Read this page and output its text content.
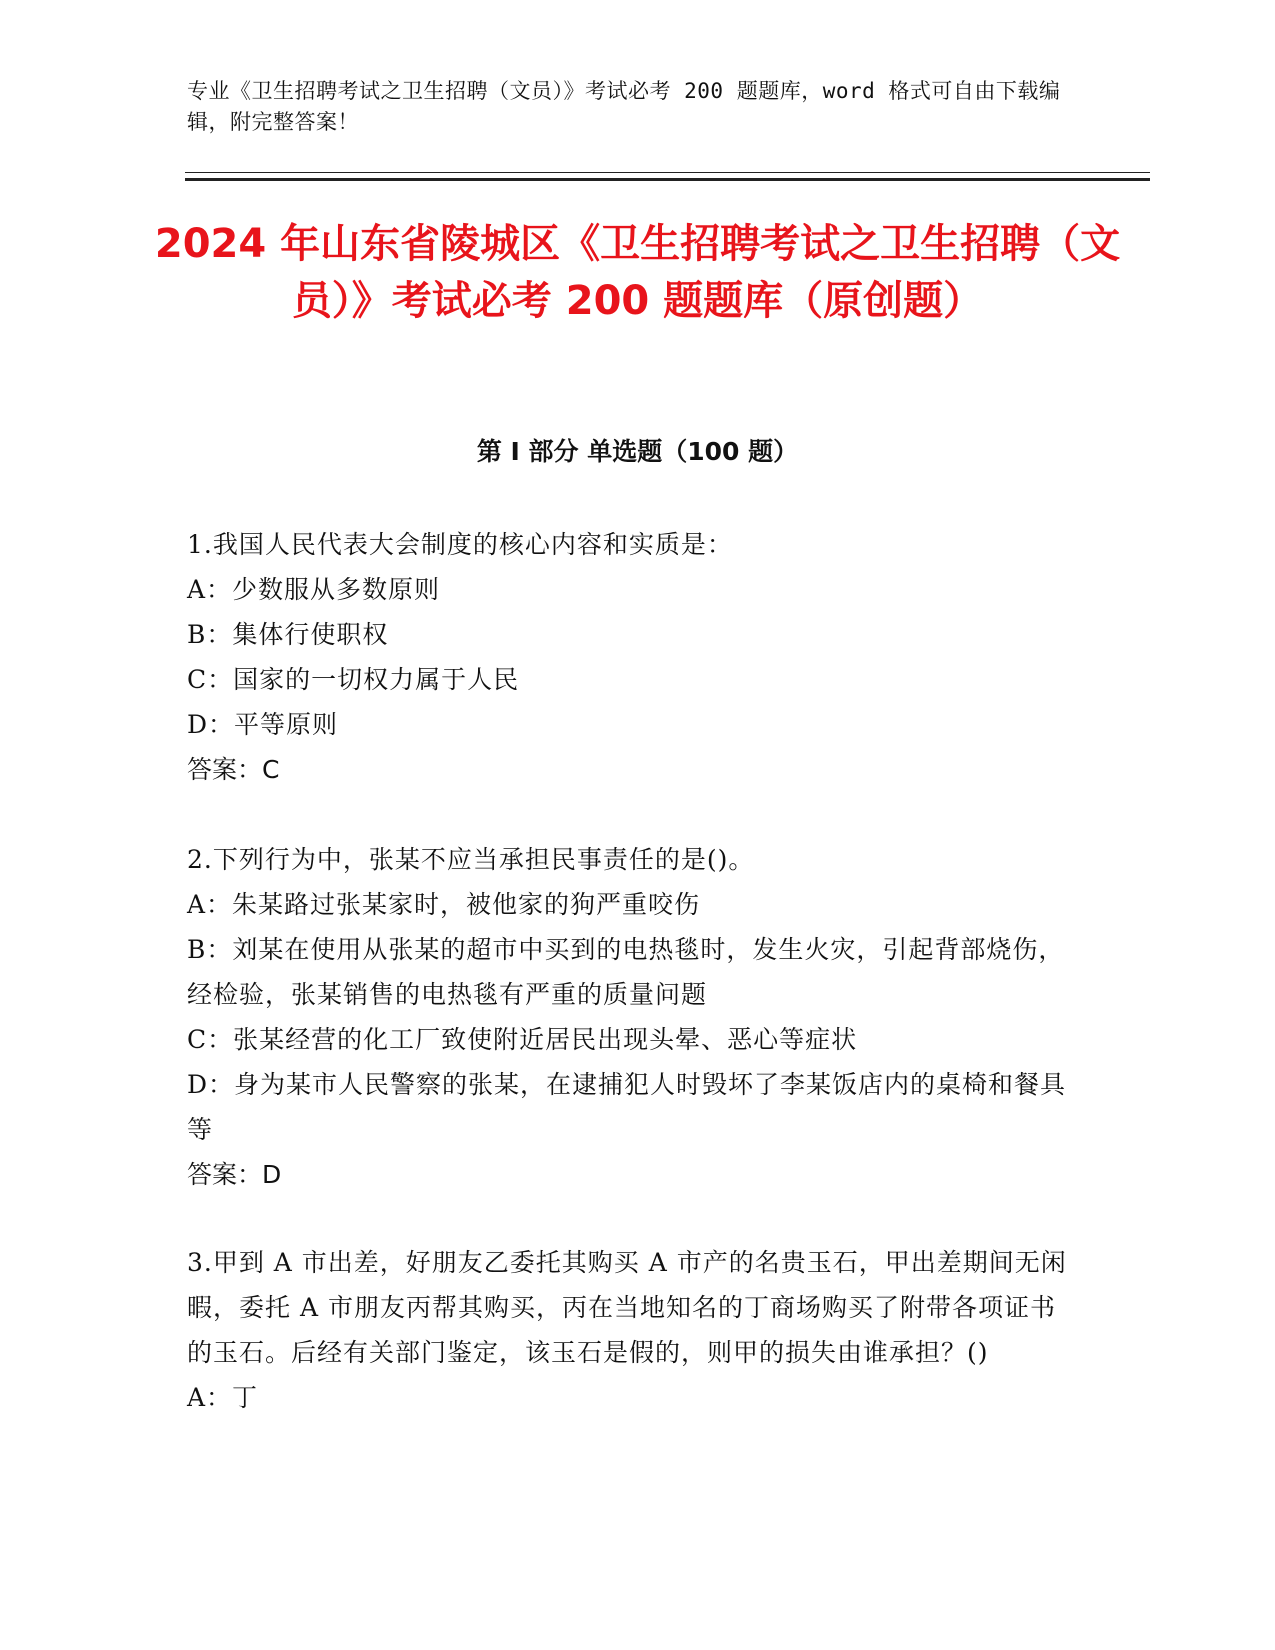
专业《卫生招聘考试之卫生招聘（文员）》考试必考 200 题题库，word 格式可自由下载编辑，附完整答案！
2024 年山东省陵城区《卫生招聘考试之卫生招聘（文员）》考试必考 200 题题库（原创题）
第 I 部分 单选题（100 题）
1.我国人民代表大会制度的核心内容和实质是：
A：少数服从多数原则
B：集体行使职权
C：国家的一切权力属于人民
D：平等原则
答案：C
2.下列行为中，张某不应当承担民事责任的是()。
A：朱某路过张某家时，被他家的狗严重咬伤
B：刘某在使用从张某的超市中买到的电热毯时，发生火灾，引起背部烧伤，经检验，张某销售的电热毯有严重的质量问题
C：张某经营的化工厂致使附近居民出现头晕、恶心等症状
D：身为某市人民警察的张某，在逮捕犯人时毁坏了李某饭店内的桌椅和餐具等
答案：D
3.甲到 A 市出差，好朋友乙委托其购买 A 市产的名贵玉石，甲出差期间无闲暇，委托 A 市朋友丙帮其购买，丙在当地知名的丁商场购买了附带各项证书的玉石。后经有关部门鉴定，该玉石是假的，则甲的损失由谁承担？()
A：丁
